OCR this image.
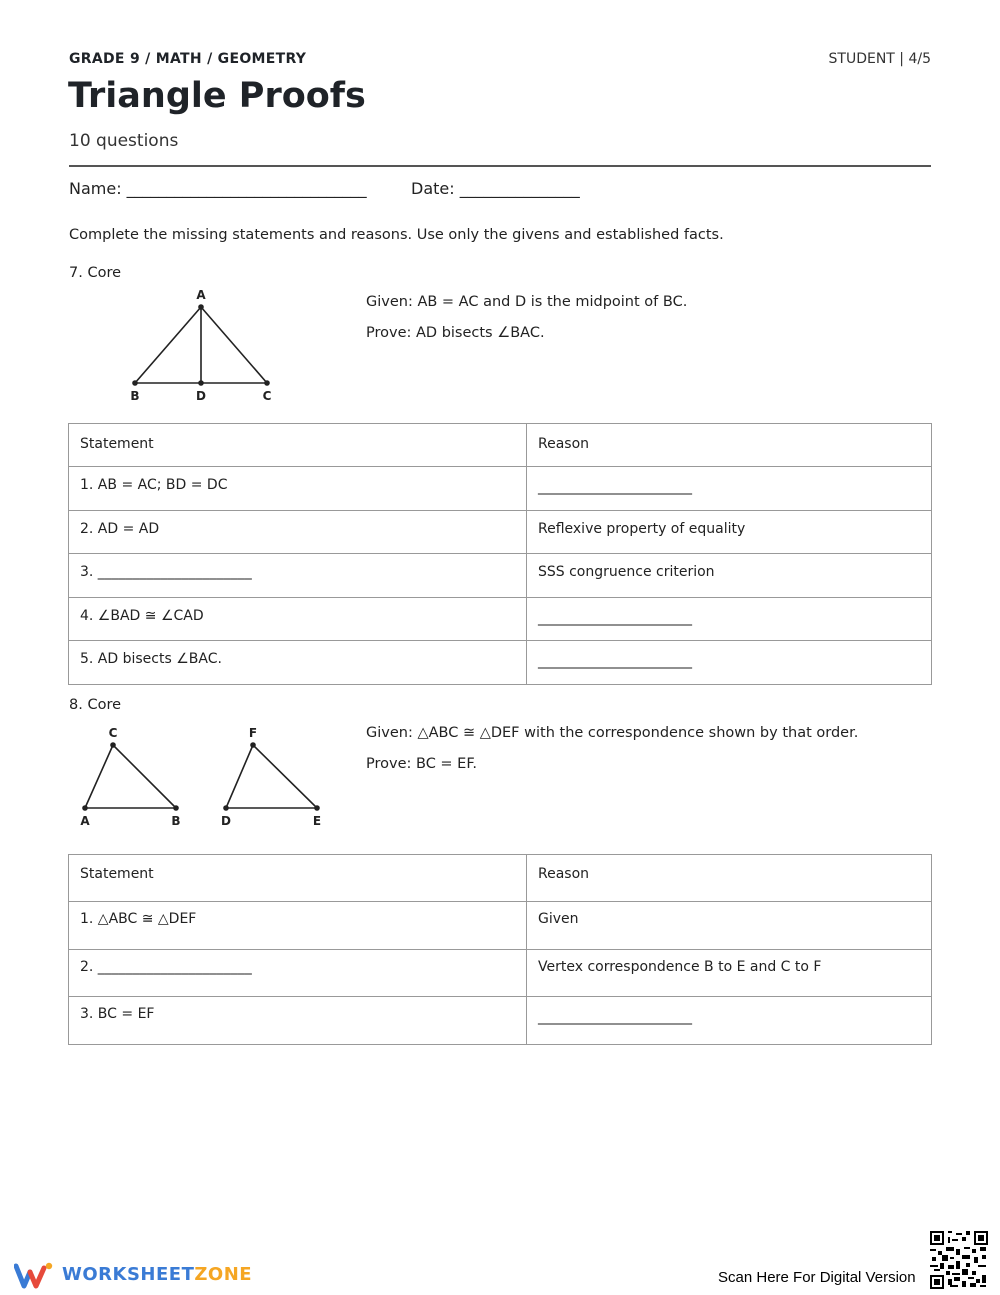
GRADE 9 / MATH / GEOMETRY	STUDENT | 4/5
Triangle Proofs
10 questions
Name: ______________________________	Date: _______________
Complete the missing statements and reasons. Use only the givens and established facts.
7. Core
A
B	D	C
Given: AB = AC and D is the midpoint of BC.
Prove: AD bisects ∠BAC.
Statement	Reason
1. AB = AC; BD = DC	______________________
2. AD = AD	Reflexive property of equality
3. ______________________	SSS congruence criterion
4. ∠BAD ≅ ∠CAD	______________________
5. AD bisects ∠BAC.	______________________
8. Core
C
A	B
F
D	E
Given: △ABC ≅ △DEF with the correspondence shown by that order.
Prove: BC = EF.
Statement	Reason
1. △ABC ≅ △DEF	Given
2. ______________________	Vertex correspondence B to E and C to F
3. BC = EF	______________________
WORKSHEETZONE	Scan Here For Digital Version
